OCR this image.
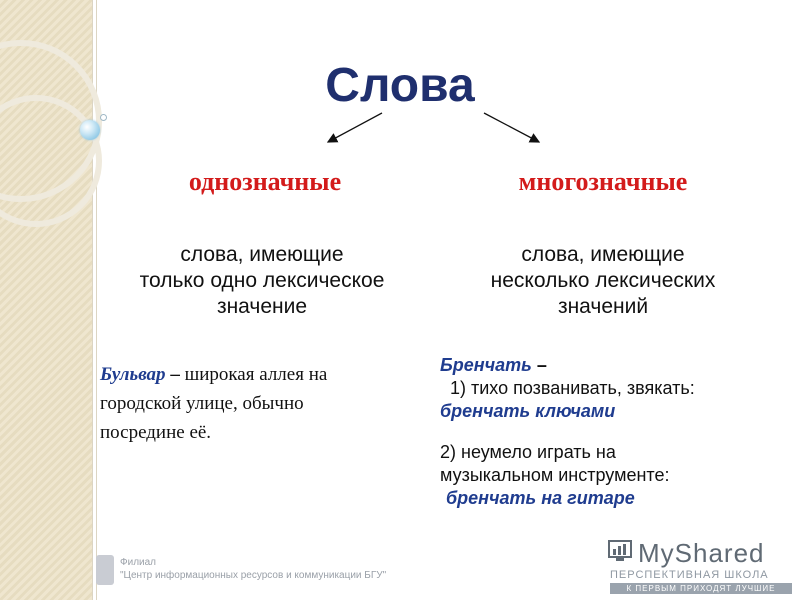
Слова
однозначные
слова, имеющие
только одно лексическое
значение
Бульвар – широкая аллея на
городской улице, обычно
посредине её.
многозначные
слова, имеющие
несколько лексических
значений
Бренчать –
1) тихо позванивать, звякать:
бренчать ключами
2) неумело играть на
музыкальном инструменте:
бренчать на гитаре
Филиал
"Центр информационных ресурсов и коммуникации БГУ"
MyShared
ПЕРСПЕКТИВНАЯ ШКОЛА
К ПЕРВЫМ ПРИХОДЯТ ЛУЧШИЕ
